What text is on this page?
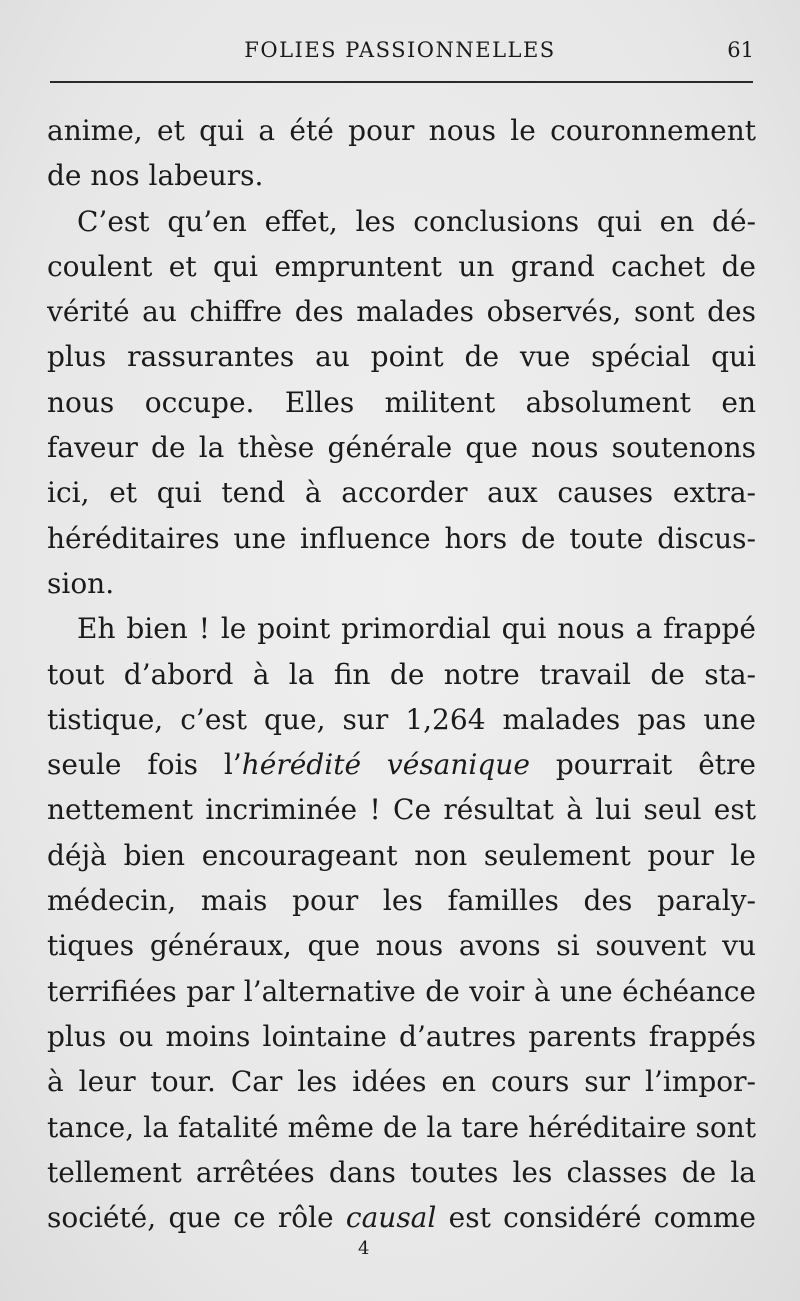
FOLIES PASSIONNELLES	61
anime, et qui a été pour nous le couronnement
de nos labeurs.
C’est qu’en effet, les conclusions qui en dé-
coulent et qui empruntent un grand cachet de
vérité au chiffre des malades observés, sont des
plus rassurantes au point de vue spécial qui
nous occupe. Elles militent absolument en
faveur de la thèse générale que nous soutenons
ici, et qui tend à accorder aux causes extra-
héréditaires une influence hors de toute discus-
sion.
Eh bien ! le point primordial qui nous a frappé
tout d’abord à la fin de notre travail de sta-
tistique, c’est que, sur 1,264 malades pas une
seule fois l’hérédité vésanique pourrait être
nettement incriminée ! Ce résultat à lui seul est
déjà bien encourageant non seulement pour le
médecin, mais pour les familles des paraly-
tiques généraux, que nous avons si souvent vu
terrifiées par l’alternative de voir à une échéance
plus ou moins lointaine d’autres parents frappés
à leur tour. Car les idées en cours sur l’impor-
tance, la fatalité même de la tare héréditaire sont
tellement arrêtées dans toutes les classes de la
société, que ce rôle causal est considéré comme
4
